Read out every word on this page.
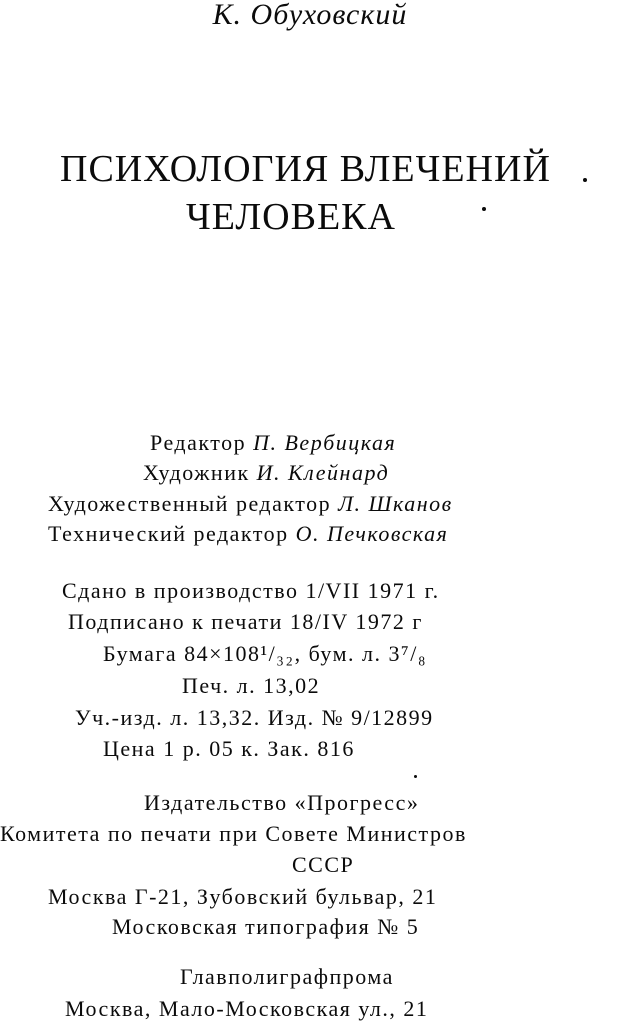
К. Обуховский
ПСИХОЛОГИЯ ВЛЕЧЕНИЙ
ЧЕЛОВЕКА
Редактор П. Вербицкая
Художник И. Клейнард
Художественный редактор Л. Шканов
Технический редактор О. Печковская
Сдано в производство 1/VII 1971 г.
Подписано к печати 18/IV 1972 г
Бумага 84×108¹/₃₂, бум. л. 3⁷/₈
Печ. л. 13,02
Уч.-изд. л. 13,32. Изд. № 9/12899
Цена 1 р. 05 к. Зак. 816
Издательство «Прогресс»
Комитета по печати при Совете Министров
СССР
Москва Г-21, Зубовский бульвар, 21
Московская типография № 5
Главполиграфпрома
Москва, Мало-Московская ул., 21
